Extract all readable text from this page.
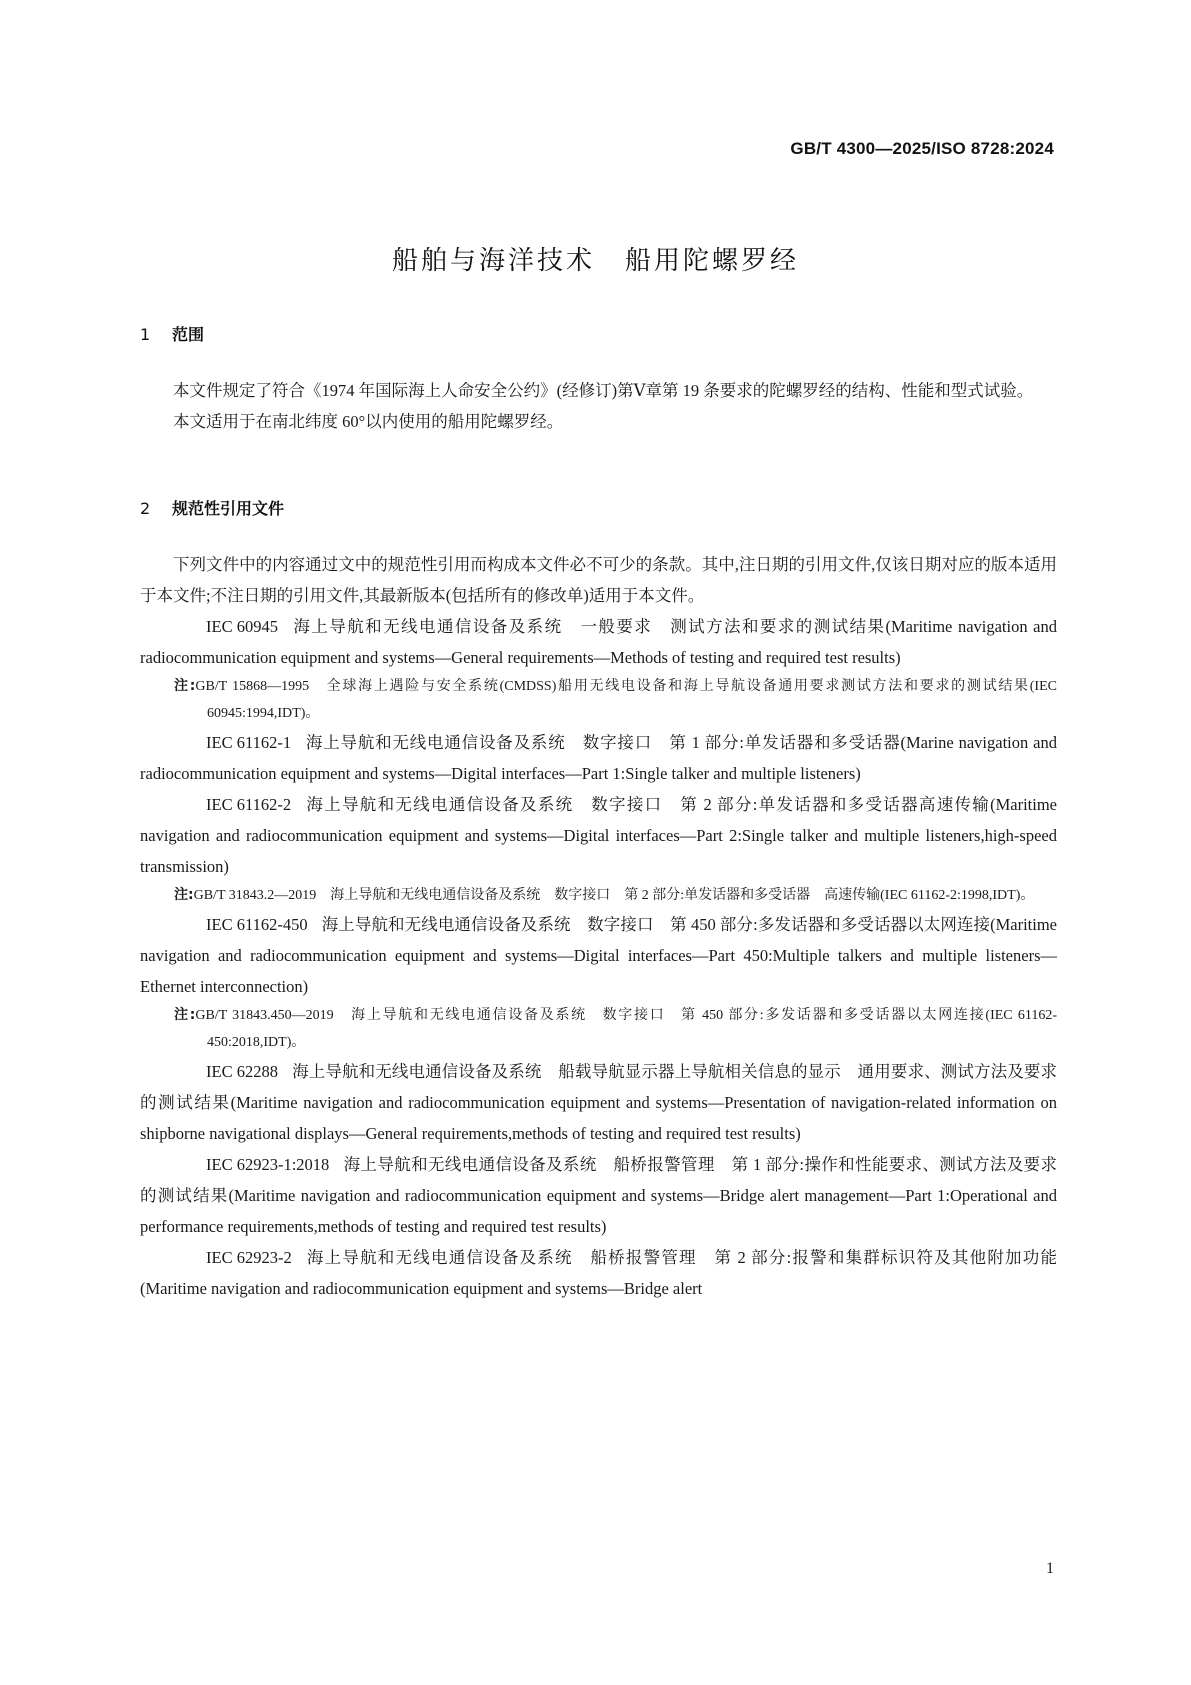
GB/T 4300—2025/ISO 8728:2024
船舶与海洋技术 船用陀螺罗经
1 范围

本文件规定了符合《1974 年国际海上人命安全公约》(经修订)第Ⅴ章第 19 条要求的陀螺罗经的结构、性能和型式试验。

本文适用于在南北纬度 60°以内使用的船用陀螺罗经。

2 规范性引用文件

下列文件中的内容通过文中的规范性引用而构成本文件必不可少的条款。其中,注日期的引用文件,仅该日期对应的版本适用于本文件;不注日期的引用文件,其最新版本(包括所有的修改单)适用于本文件。

IEC 60945 海上导航和无线电通信设备及系统　一般要求　测试方法和要求的测试结果(Maritime navigation and radiocommunication equipment and systems—General requirements—Methods of testing and required test results)

注:GB/T 15868—1995　全球海上遇险与安全系统(CMDSS)船用无线电设备和海上导航设备通用要求测试方法和要求的测试结果(IEC 60945:1994,IDT)。

IEC 61162-1 海上导航和无线电通信设备及系统　数字接口　第 1 部分:单发话器和多受话器(Marine navigation and radiocommunication equipment and systems—Digital interfaces—Part 1:Single talker and multiple listeners)

IEC 61162-2 海上导航和无线电通信设备及系统　数字接口　第 2 部分:单发话器和多受话器高速传输(Maritime navigation and radiocommunication equipment and systems—Digital interfaces—Part 2:Single talker and multiple listeners,high-speed transmission)

注:GB/T 31843.2—2019　海上导航和无线电通信设备及系统　数字接口　第 2 部分:单发话器和多受话器　高速传输(IEC 61162-2:1998,IDT)。

IEC 61162-450 海上导航和无线电通信设备及系统　数字接口　第 450 部分:多发话器和多受话器以太网连接(Maritime navigation and radiocommunication equipment and systems—Digital interfaces—Part 450:Multiple talkers and multiple listeners—Ethernet interconnection)

注:GB/T 31843.450—2019　海上导航和无线电通信设备及系统　数字接口　第 450 部分:多发话器和多受话器以太网连接(IEC 61162-450:2018,IDT)。

IEC 62288 海上导航和无线电通信设备及系统　船载导航显示器上导航相关信息的显示　通用要求、测试方法及要求的测试结果(Maritime navigation and radiocommunication equipment and systems—Presentation of navigation-related information on shipborne navigational displays—General requirements,methods of testing and required test results)

IEC 62923-1:2018 海上导航和无线电通信设备及系统　船桥报警管理　第 1 部分:操作和性能要求、测试方法及要求的测试结果(Maritime navigation and radiocommunication equipment and systems—Bridge alert management—Part 1:Operational and performance requirements,methods of testing and required test results)

IEC 62923-2 海上导航和无线电通信设备及系统　船桥报警管理　第 2 部分:报警和集群标识符及其他附加功能(Maritime navigation and radiocommunication equipment and systems—Bridge alert

1
